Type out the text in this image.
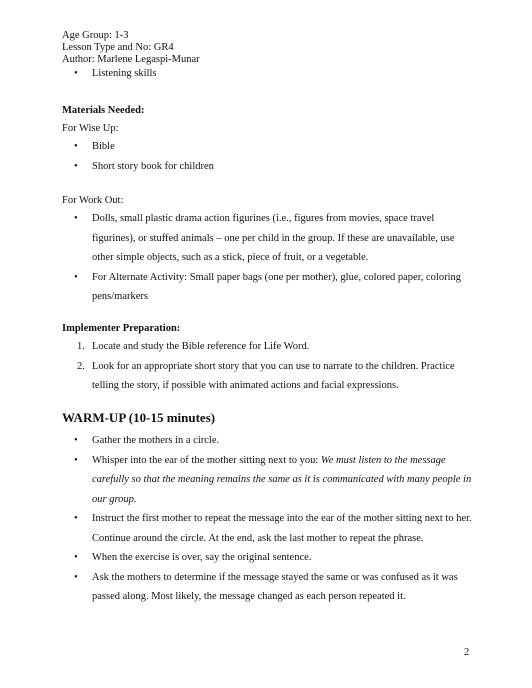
Age Group: 1-3
Lesson Type and No: GR4
Author: Marlene Legaspi-Munar
• Listening skills
Materials Needed:
For Wise Up:
• Bible
• Short story book for children
For Work Out:
• Dolls, small plastic drama action figurines (i.e., figures from movies, space travel figurines), or stuffed animals – one per child in the group. If these are unavailable, use other simple objects, such as a stick, piece of fruit, or a vegetable.
• For Alternate Activity: Small paper bags (one per mother), glue, colored paper, coloring pens/markers
Implementer Preparation:
1. Locate and study the Bible reference for Life Word.
2. Look for an appropriate short story that you can use to narrate to the children. Practice telling the story, if possible with animated actions and facial expressions.
WARM-UP (10-15 minutes)
• Gather the mothers in a circle.
• Whisper into the ear of the mother sitting next to you: We must listen to the message carefully so that the meaning remains the same as it is communicated with many people in our group.
• Instruct the first mother to repeat the message into the ear of the mother sitting next to her. Continue around the circle. At the end, ask the last mother to repeat the phrase.
• When the exercise is over, say the original sentence.
• Ask the mothers to determine if the message stayed the same or was confused as it was passed along. Most likely, the message changed as each person repeated it.
2
